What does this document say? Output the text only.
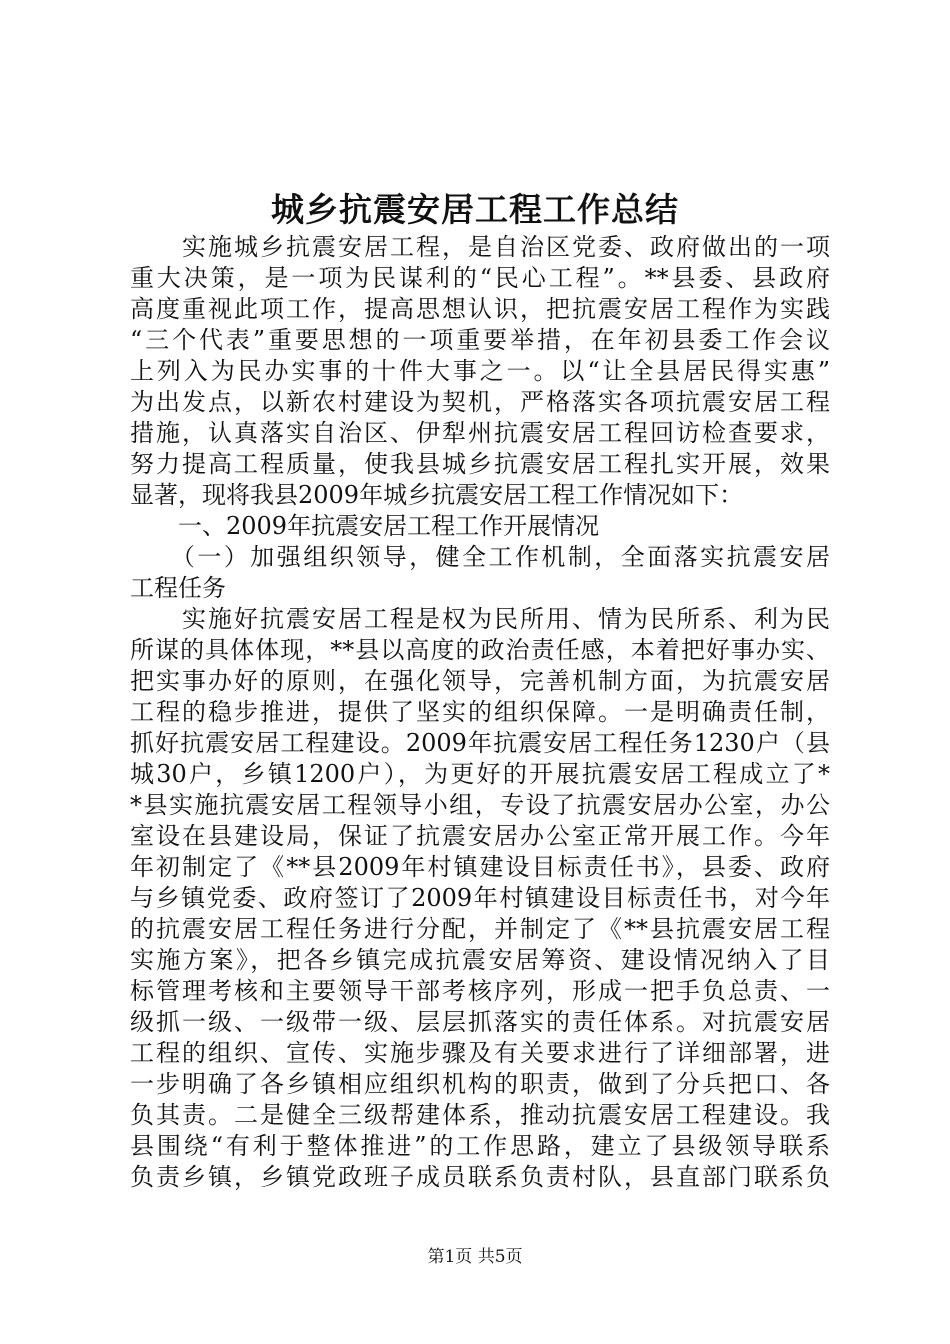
城乡抗震安居工程工作总结
　　实施城乡抗震安居工程，是自治区党委、政府做出的一项
重大决策，是一项为民谋利的“民心工程”。**县委、县政府
高度重视此项工作，提高思想认识，把抗震安居工程作为实践
“三个代表”重要思想的一项重要举措，在年初县委工作会议
上列入为民办实事的十件大事之一。以“让全县居民得实惠”
为出发点，以新农村建设为契机，严格落实各项抗震安居工程
措施，认真落实自治区、伊犁州抗震安居工程回访检查要求，
努力提高工程质量，使我县城乡抗震安居工程扎实开展，效果
显著，现将我县2009年城乡抗震安居工程工作情况如下：
　　一、2009年抗震安居工程工作开展情况
　　（一）加强组织领导，健全工作机制，全面落实抗震安居
工程任务
　　实施好抗震安居工程是权为民所用、情为民所系、利为民
所谋的具体体现，**县以高度的政治责任感，本着把好事办实、
把实事办好的原则，在强化领导，完善机制方面，为抗震安居
工程的稳步推进，提供了坚实的组织保障。一是明确责任制，
抓好抗震安居工程建设。2009年抗震安居工程任务1230户（县
城30户，乡镇1200户），为更好的开展抗震安居工程成立了*
*县实施抗震安居工程领导小组，专设了抗震安居办公室，办公
室设在县建设局，保证了抗震安居办公室正常开展工作。今年
年初制定了《**县2009年村镇建设目标责任书》，县委、政府
与乡镇党委、政府签订了2009年村镇建设目标责任书，对今年
的抗震安居工程任务进行分配，并制定了《**县抗震安居工程
实施方案》，把各乡镇完成抗震安居筹资、建设情况纳入了目
标管理考核和主要领导干部考核序列，形成一把手负总责、一
级抓一级、一级带一级、层层抓落实的责任体系。对抗震安居
工程的组织、宣传、实施步骤及有关要求进行了详细部署，进
一步明确了各乡镇相应组织机构的职责，做到了分兵把口、各
负其责。二是健全三级帮建体系，推动抗震安居工程建设。我
县围绕“有利于整体推进”的工作思路，建立了县级领导联系
负责乡镇，乡镇党政班子成员联系负责村队，县直部门联系负
第1页 共5页
